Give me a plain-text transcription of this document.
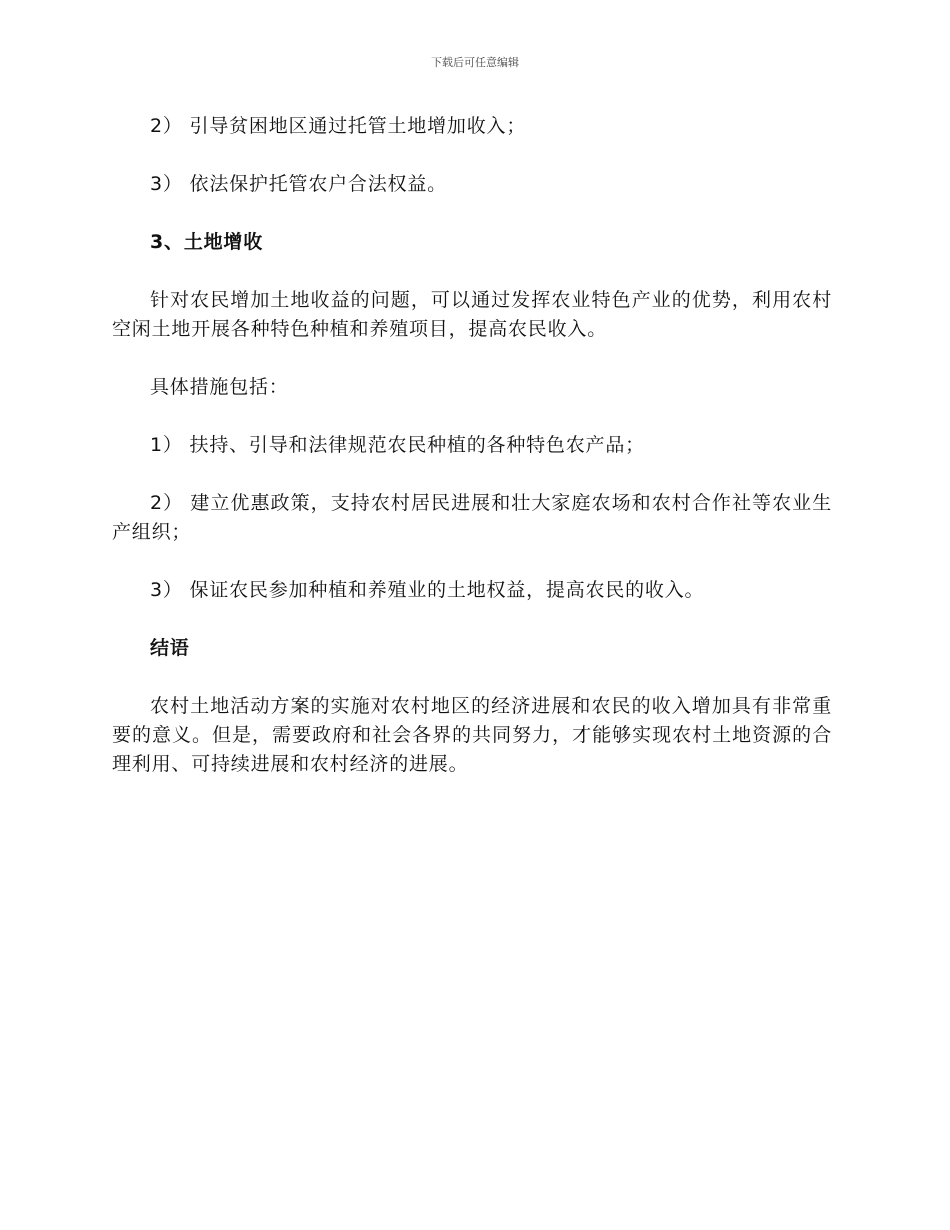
下载后可任意编辑

2） 引导贫困地区通过托管土地增加收入；

3） 依法保护托管农户合法权益。

3、土地增收

针对农民增加土地收益的问题，可以通过发挥农业特色产业的优势，利用农村空闲土地开展各种特色种植和养殖项目，提高农民收入。

具体措施包括：

1） 扶持、引导和法律规范农民种植的各种特色农产品；

2） 建立优惠政策，支持农村居民进展和壮大家庭农场和农村合作社等农业生产组织；

3） 保证农民参加种植和养殖业的土地权益，提高农民的收入。

结语

农村土地活动方案的实施对农村地区的经济进展和农民的收入增加具有非常重要的意义。但是，需要政府和社会各界的共同努力，才能够实现农村土地资源的合理利用、可持续进展和农村经济的进展。
